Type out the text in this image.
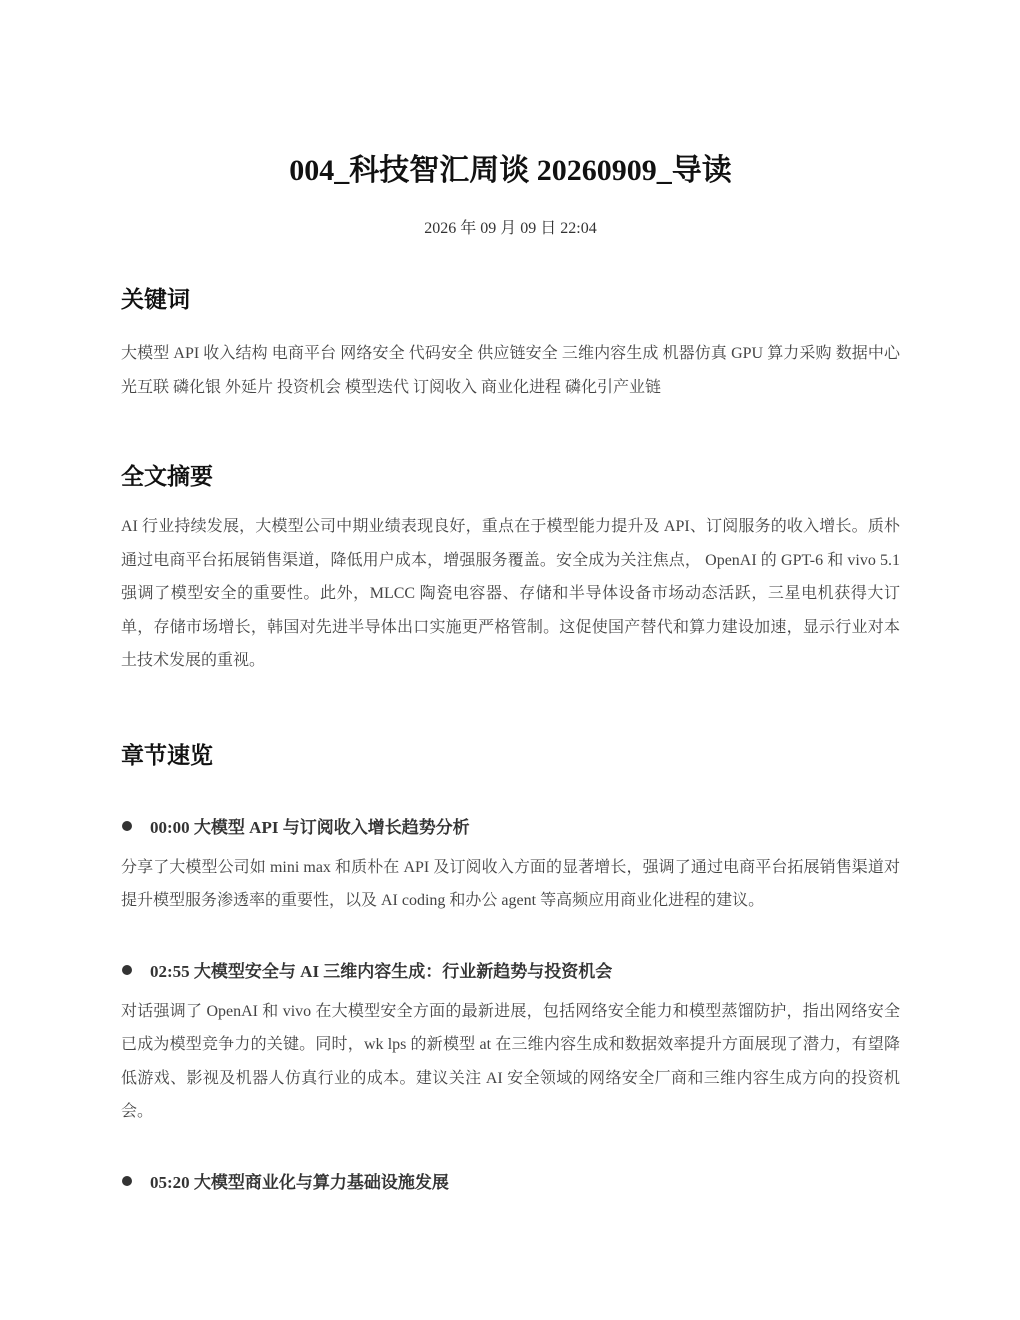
004_科技智汇周谈 20260909_导读
2026 年 09 月 09 日 22:04
关键词

大模型 API 收入结构 电商平台 网络安全 代码安全 供应链安全 三维内容生成 机器仿真 GPU 算力采购 数据中心 光互联 磷化银 外延片 投资机会 模型迭代 订阅收入 商业化进程 磷化引产业链

全文摘要

AI 行业持续发展，大模型公司中期业绩表现良好，重点在于模型能力提升及 API、订阅服务的收入增长。质朴通过电商平台拓展销售渠道，降低用户成本，增强服务覆盖。安全成为关注焦点， OpenAI 的 GPT-6 和 vivo 5.1 强调了模型安全的重要性。此外，MLCC 陶瓷电容器、存储和半导体设备市场动态活跃，三星电机获得大订单，存储市场增长，韩国对先进半导体出口实施更严格管制。这促使国产替代和算力建设加速，显示行业对本土技术发展的重视。

章节速览
00:00 大模型 API 与订阅收入增长趋势分析

分享了大模型公司如 mini max 和质朴在 API 及订阅收入方面的显著增长，强调了通过电商平台拓展销售渠道对提升模型服务渗透率的重要性，以及 AI coding 和办公 agent 等高频应用商业化进程的建议。

02:55 大模型安全与 AI 三维内容生成：行业新趋势与投资机会

对话强调了 OpenAI 和 vivo 在大模型安全方面的最新进展，包括网络安全能力和模型蒸馏防护，指出网络安全已成为模型竞争力的关键。同时，wk lps 的新模型 at 在三维内容生成和数据效率提升方面展现了潜力，有望降低游戏、影视及机器人仿真行业的成本。建议关注 AI 安全领域的网络安全厂商和三维内容生成方向的投资机会。

05:20 大模型商业化与算力基础设施发展
